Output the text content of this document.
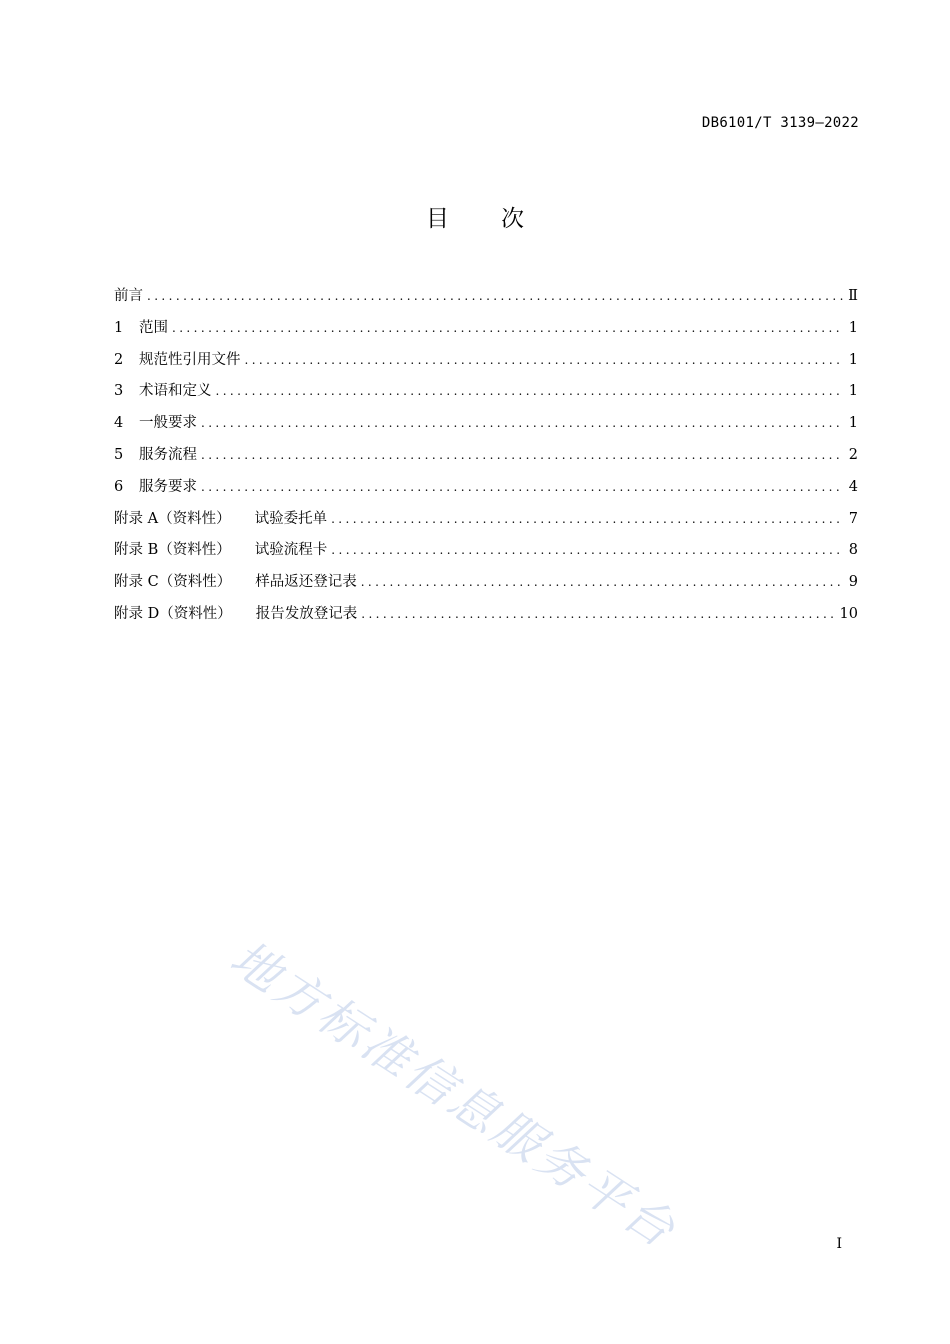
DB6101/T 3139—2022
目 次
前言 .....	Ⅱ
1 范围 .....	1
2 规范性引用文件 .....	1
3 术语和定义 .....	1
4 一般要求 .....	1
5 服务流程 .....	2
6 服务要求 .....	4
附录 A（资料性） 试验委托单 .....	7
附录 B（资料性） 试验流程卡 .....	8
附录 C（资料性） 样品返还登记表 .....	9
附录 D（资料性） 报告发放登记表 .....	10
地方标准信息服务平台	I
